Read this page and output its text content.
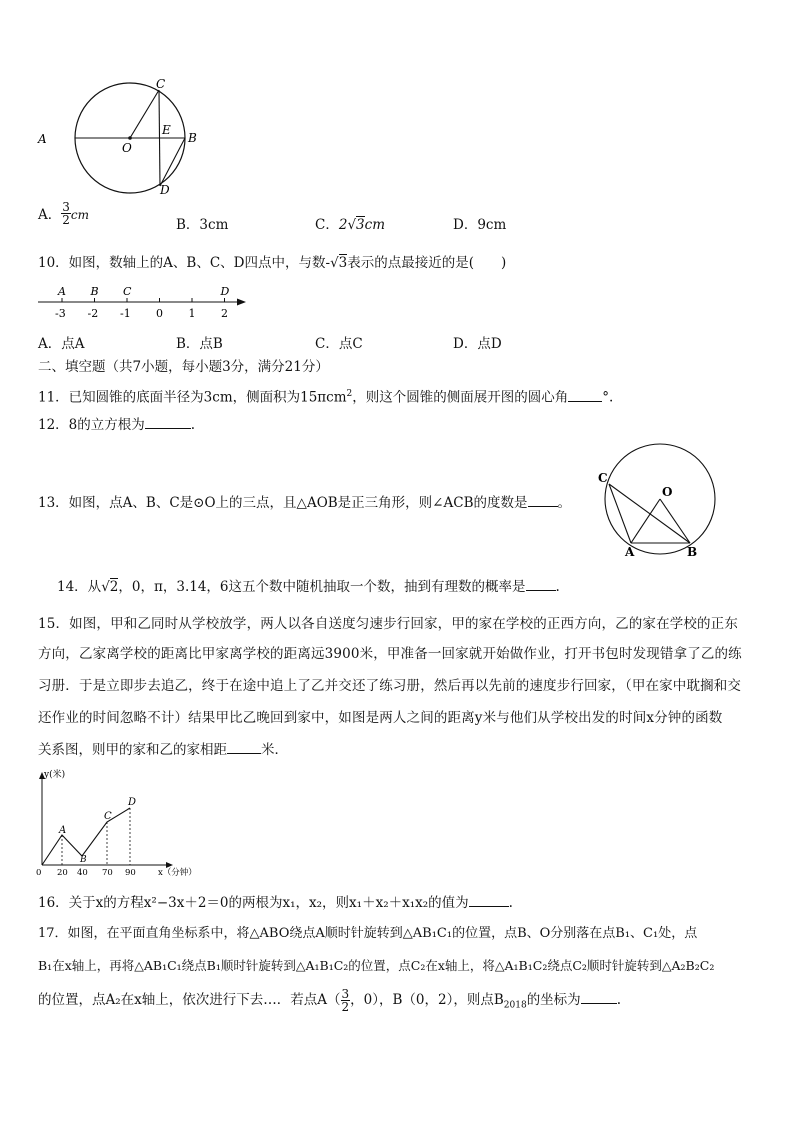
A	B
C
D
E
O
A． $\frac{3}{2}$ cm
B．3cm	C．2√3cm	D．9cm
10．如图，数轴上的A、B、C、D四点中，与数-√3表示的点最接近的是(　　)
-3 -2 -1 0 1 2
A B C	D
A．点A	B．点B	C．点C	D．点D
二、填空题（共7小题，每小题3分，满分21分）
11．已知圆锥的底面半径为3cm，侧面积为15πcm$^2$，则这个圆锥的侧面展开图的圆心角	°.
12．8的立方根为	.
13．如图，点A、B、C是⊙O上的三点，且△AOB是正三角形，则∠ACB的度数是 。
C
O
A	B
14．从√2，0，π，3.14，6这五个数中随机抽取一个数，抽到有理数的概率是 .
15．如图，甲和乙同时从学校放学，两人以各自送度匀速步行回家，甲的家在学校的正西方向，乙的家在学校的正东
方向，乙家离学校的距离比甲家离学校的距离远3900米，甲准备一回家就开始做作业，打开书包时发现错拿了乙的练
习册．于是立即步去追乙，终于在途中追上了乙并交还了练习册，然后再以先前的速度步行回家，（甲在家中耽搁和交
还作业的时间忽略不计）结果甲比乙晚回到家中，如图是两人之间的距离y米与他们从学校出发的时间x分钟的函数
关系图，则甲的家和乙的家相距	米．
y(米)
x（分钟）
0 20 40 70 90
A
B
C
D
16．关于x的方程x²−3x＋2＝0的两根为x₁，x₂，则x₁＋x₂＋x₁x₂的值为	.
17．如图，在平面直角坐标系中，将△ABO绕点A顺时针旋转到△AB₁C₁的位置，点B、O分别落在点B₁、C₁处，点
B₁在x轴上，再将△AB₁C₁绕点B₁顺时针旋转到△A₁B₁C₂的位置，点C₂在x轴上，将△A₁B₁C₂绕点C₂顺时针旋转到△A₂B₂C₂
的位置，点A₂在x轴上，依次进行下去…．若点$A( \frac{3}{2}$ ，0），B（0，2），则点$B_{2018}$的坐标为	.
